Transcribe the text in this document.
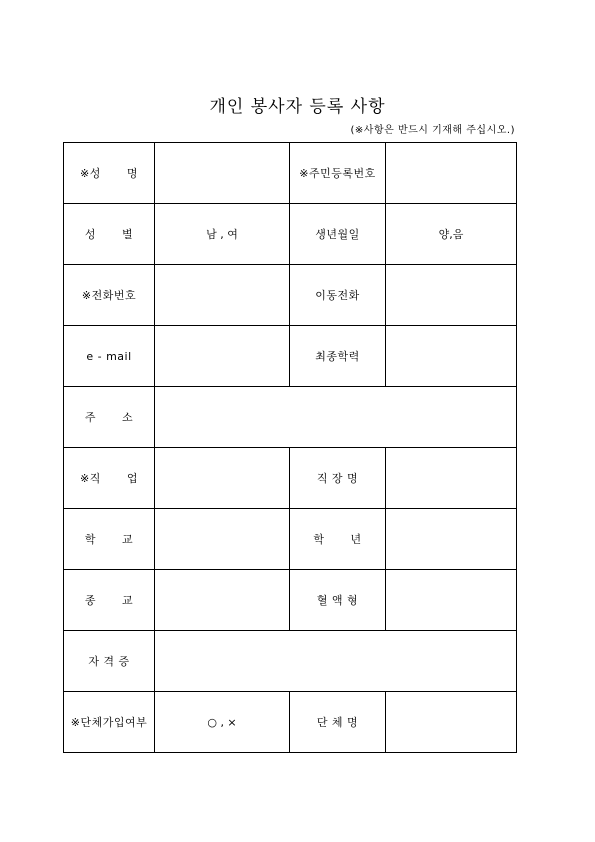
개인 봉사자 등록 사항
(※사항은 반드시 기재해 주십시오.)
※성 명		※주민등록번호	
성 별	남 , 여	생년월일	양,음
※전화번호		이동전화	
e - mail		최종학력	
주 소			
※직 업		직 장 명	
학 교		학 년	
종 교		혈 액 형	
자 격 증			
※단체가입여부	○ , ×	단 체 명	
